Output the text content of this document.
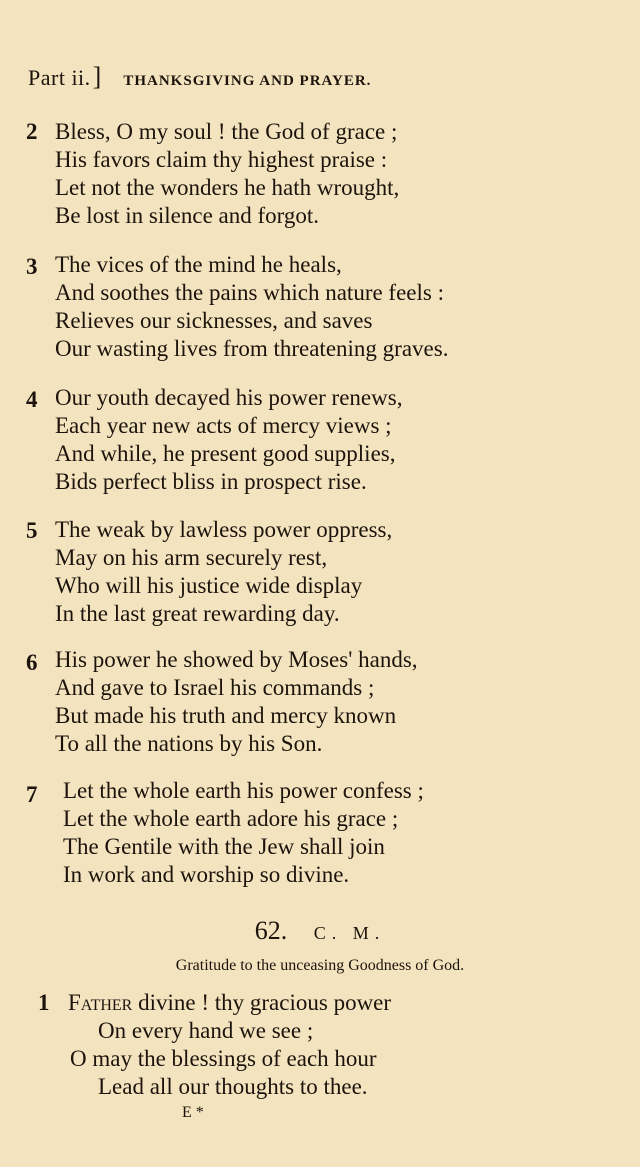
Part ii. ] THANKSGIVING AND PRAYER.
2 Bless, O my soul ! the God of grace ;
His favors claim thy highest praise :
Let not the wonders he hath wrought,
Be lost in silence and forgot.
3 The vices of the mind he heals,
And soothes the pains which nature feels :
Relieves our sicknesses, and saves
Our wasting lives from threatening graves.
4 Our youth decayed his power renews,
Each year new acts of mercy views ;
And while, he present good supplies,
Bids perfect bliss in prospect rise.
5 The weak by lawless power oppress,
May on his arm securely rest,
Who will his justice wide display
In the last great rewarding day.
6 His power he showed by Moses' hands,
And gave to Israel his commands ;
But made his truth and mercy known
To all the nations by his Son.
7 Let the whole earth his power confess ;
Let the whole earth adore his grace ;
The Gentile with the Jew shall join
In work and worship so divine.
62. C. M.
Gratitude to the unceasing Goodness of God.
1 Father divine ! thy gracious power
On every hand we see ;
O may the blessings of each hour
Lead all our thoughts to thee.
E *
